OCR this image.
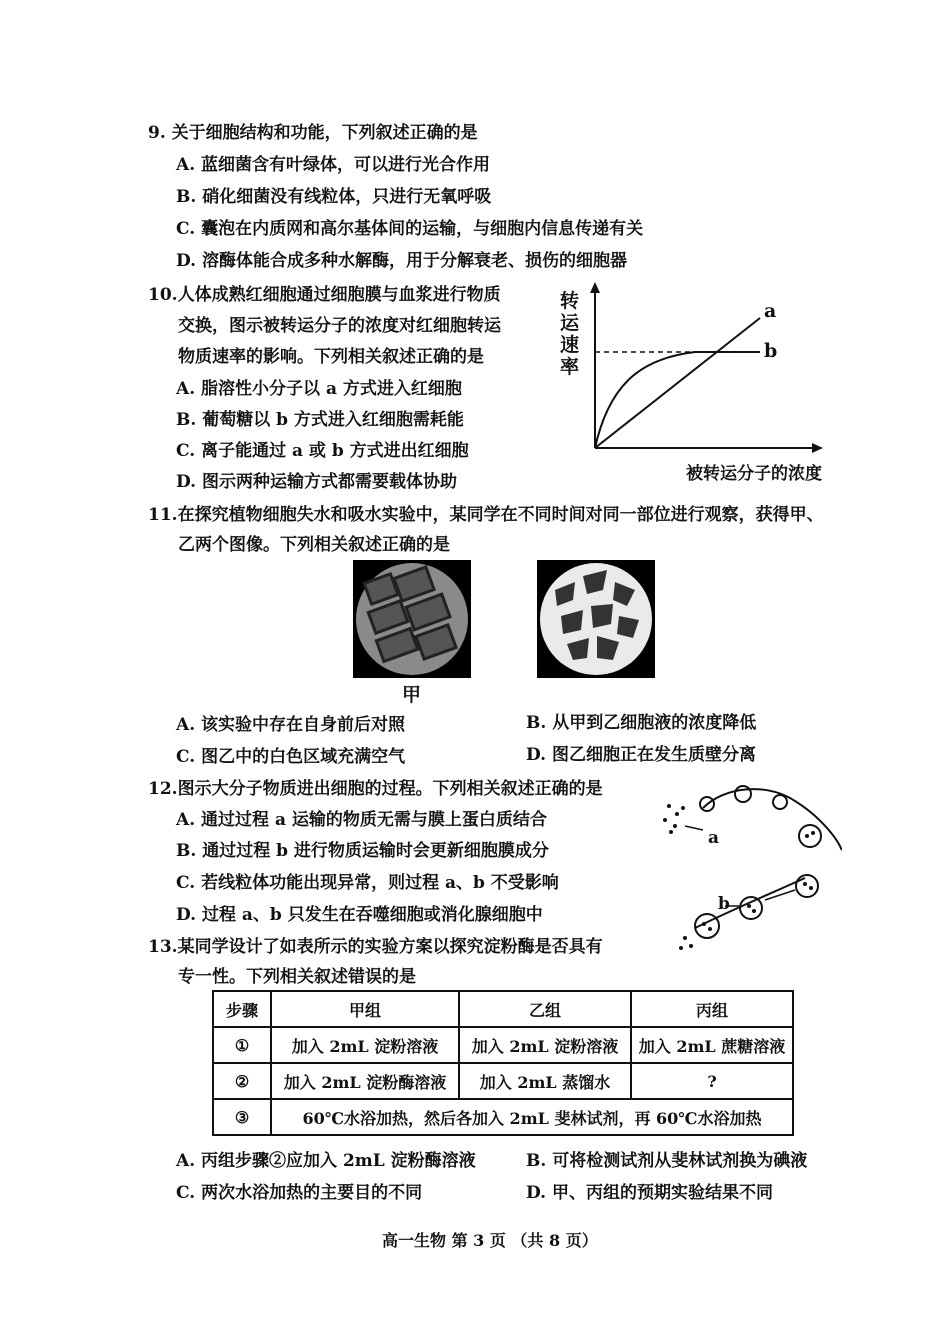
9. 关于细胞结构和功能，下列叙述正确的是
A. 蓝细菌含有叶绿体，可以进行光合作用
B. 硝化细菌没有线粒体，只进行无氧呼吸
C. 囊泡在内质网和高尔基体间的运输，与细胞内信息传递有关
D. 溶酶体能合成多种水解酶，用于分解衰老、损伤的细胞器
10.人体成熟红细胞通过细胞膜与血浆进行物质
交换，图示被转运分子的浓度对红细胞转运
物质速率的影响。下列相关叙述正确的是
A. 脂溶性小分子以 a 方式进入红细胞
B. 葡萄糖以 b 方式进入红细胞需耗能
C. 离子能通过 a 或 b 方式进出红细胞
D. 图示两种运输方式都需要载体协助
转
运
速
率
a
b
被转运分子的浓度
11.在探究植物细胞失水和吸水实验中，某同学在不同时间对同一部位进行观察，获得甲、
乙两个图像。下列相关叙述正确的是
甲
A. 该实验中存在自身前后对照	B. 从甲到乙细胞液的浓度降低
C. 图乙中的白色区域充满空气	D. 图乙细胞正在发生质壁分离
12.图示大分子物质进出细胞的过程。下列相关叙述正确的是
A. 通过过程 a 运输的物质无需与膜上蛋白质结合
B. 通过过程 b 进行物质运输时会更新细胞膜成分
C. 若线粒体功能出现异常，则过程 a、b 不受影响
D. 过程 a、b 只发生在吞噬细胞或消化腺细胞中
a
b
13.某同学设计了如表所示的实验方案以探究淀粉酶是否具有
专一性。下列相关叙述错误的是
步骤	甲组	乙组	丙组
①	加入 2mL 淀粉溶液	加入 2mL 淀粉溶液	加入 2mL 蔗糖溶液
②	加入 2mL 淀粉酶溶液	加入 2mL 蒸馏水	?
③	60℃水浴加热，然后各加入 2mL 斐林试剂，再 60℃水浴加热		
A. 丙组步骤②应加入 2mL 淀粉酶溶液	B. 可将检测试剂从斐林试剂换为碘液
C. 两次水浴加热的主要目的不同	D. 甲、丙组的预期实验结果不同
高一生物 第 3 页 （共 8 页）
